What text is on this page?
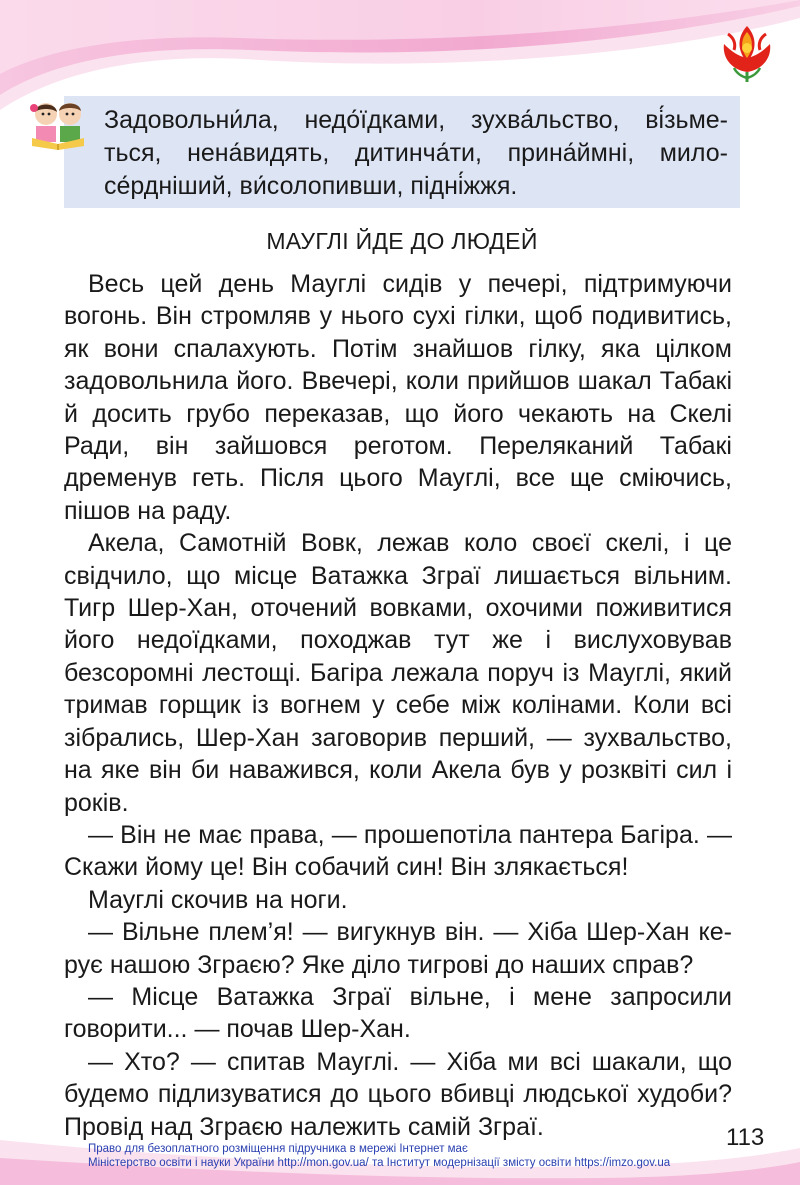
Задовольни́ла, недо́їдками, зухва́льство, ві́зьме-

ться, нена́видять, дитинча́ти, прина́ймні, мило-

се́рдніший, ви́солопивши, підні́жжя.

МАУГЛІ ЙДЕ ДО ЛЮДЕЙ

Весь цей день Мауглі сидів у печері, підтримуючи вогонь. Він стромляв у нього сухі гілки, щоб подивитись, як вони спалахують. Потім знайшов гілку, яка цілком задовольнила його. Ввечері, коли прийшов шакал Табакі й досить грубо переказав, що його чекають на Скелі Ради, він зайшовся реготом. Переляканий Табакі дременув геть. Після цього Мауглі, все ще сміючись, пішов на раду.

Акела, Самотній Вовк, лежав коло своєї скелі, і це свідчило, що місце Ватажка Зграї лишається вільним. Тигр Шер-Хан, оточений вовками, охочими поживитися його недоїдками, походжав тут же і вислуховував безсоромні лестощі. Багіра лежала поруч із Мауглі, який тримав горщик із вогнем у себе між колінами. Коли всі зібрались, Шер-Хан заговорив перший, — зухвальство, на яке він би наважився, коли Акела був у розквіті сил і років.

— Він не має права, — прошепотіла пантера Багіра. — Скажи йому це! Він собачий син! Він злякається!

Мауглі скочив на ноги.

— Вільне плем’я! — вигукнув він. — Хіба Шер-Хан керує нашою Зграєю? Яке діло тигрові до наших справ?

— Місце Ватажка Зграї вільне, і мене запросили говорити... — почав Шер-Хан.

— Хто? — спитав Мауглі. — Хіба ми всі шакали, що будемо підлизуватися до цього вбивці людської худоби? Провід над Зграєю належить самій Зграї.	113
Право для безоплатного розміщення підручника в мережі Інтернет має
Міністерство освіти і науки України http://mon.gov.ua/ та Інститут модернізації змісту освіти https://imzo.gov.ua
